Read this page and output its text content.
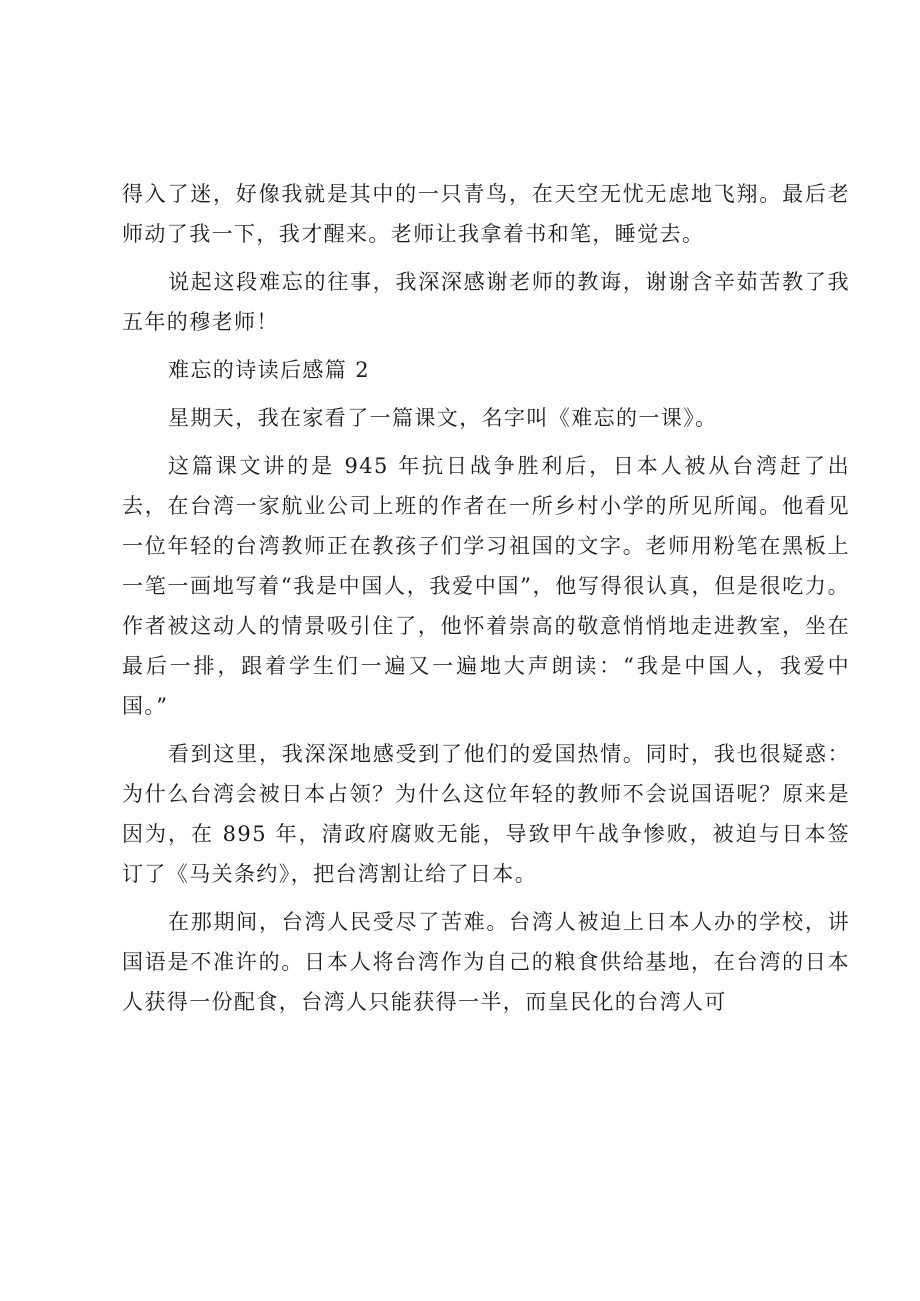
得入了迷，好像我就是其中的一只青鸟，在天空无忧无虑地飞翔。最后老师动了我一下，我才醒来。老师让我拿着书和笔，睡觉去。

说起这段难忘的往事，我深深感谢老师的教诲，谢谢含辛茹苦教了我五年的穆老师！

难忘的诗读后感篇 2

星期天，我在家看了一篇课文，名字叫《难忘的一课》。

这篇课文讲的是 945 年抗日战争胜利后，日本人被从台湾赶了出去，在台湾一家航业公司上班的作者在一所乡村小学的所见所闻。他看见一位年轻的台湾教师正在教孩子们学习祖国的文字。老师用粉笔在黑板上一笔一画地写着“我是中国人，我爱中国”，他写得很认真，但是很吃力。作者被这动人的情景吸引住了，他怀着崇高的敬意悄悄地走进教室，坐在最后一排，跟着学生们一遍又一遍地大声朗读：“我是中国人，我爱中国。”

看到这里，我深深地感受到了他们的爱国热情。同时，我也很疑惑：为什么台湾会被日本占领？为什么这位年轻的教师不会说国语呢？原来是因为，在 895 年，清政府腐败无能，导致甲午战争惨败，被迫与日本签订了《马关条约》，把台湾割让给了日本。

在那期间，台湾人民受尽了苦难。台湾人被迫上日本人办的学校，讲国语是不准许的。日本人将台湾作为自己的粮食供给基地，在台湾的日本人获得一份配食，台湾人只能获得一半，而皇民化的台湾人可
